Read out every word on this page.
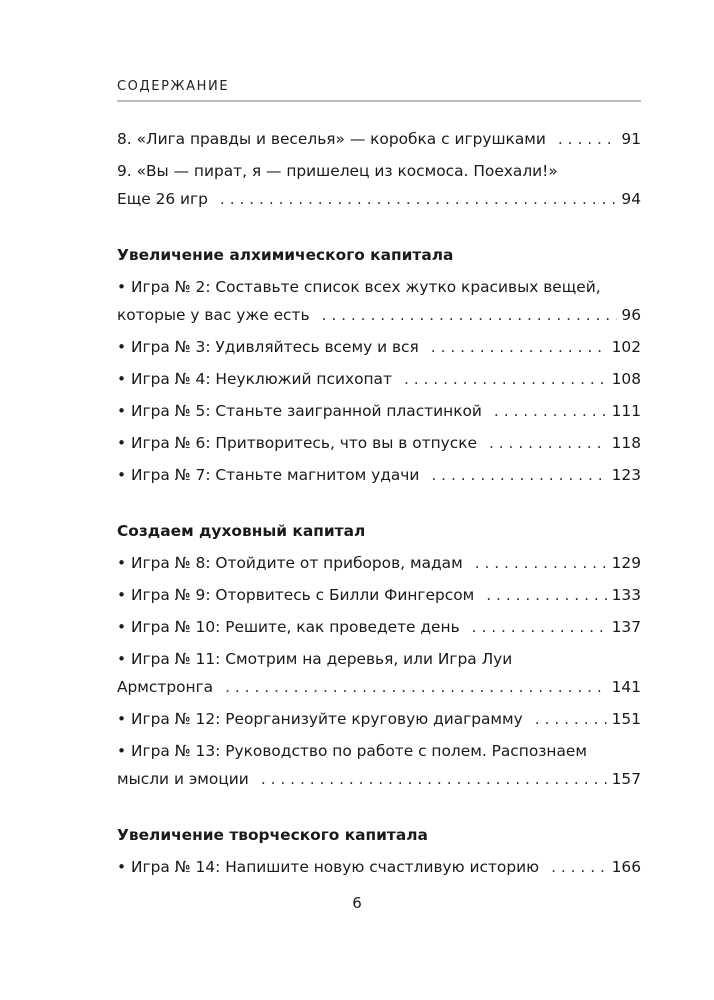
СОДЕРЖАНИЕ
8. «Лига правды и веселья» — коробка с игрушками . . .	91
9. «Вы — пират, я — пришелец из космоса. Поехали!»
Еще 26 игр . . .	94
Увеличение алхимического капитала
• Игра № 2: Составьте список всех жутко красивых вещей,
которые у вас уже есть . . .	96
• Игра № 3: Удивляйтесь всему и вся . . .	102
• Игра № 4: Неуклюжий психопат . . .	108
• Игра № 5: Станьте заигранной пластинкой . . .	111
• Игра № 6: Притворитесь, что вы в отпуске . . .	118
• Игра № 7: Станьте магнитом удачи . . .	123
Создаем духовный капитал
• Игра № 8: Отойдите от приборов, мадам . . .	129
• Игра № 9: Оторвитесь с Билли Фингерсом . . .	133
• Игра № 10: Решите, как проведете день . . .	137
• Игра № 11: Смотрим на деревья, или Игра Луи
Армстронга . . .	141
• Игра № 12: Реорганизуйте круговую диаграмму . . .	151
• Игра № 13: Руководство по работе с полем. Распознаем
мысли и эмоции . . .	157
Увеличение творческого капитала
• Игра № 14: Напишите новую счастливую историю . . .	166
6
